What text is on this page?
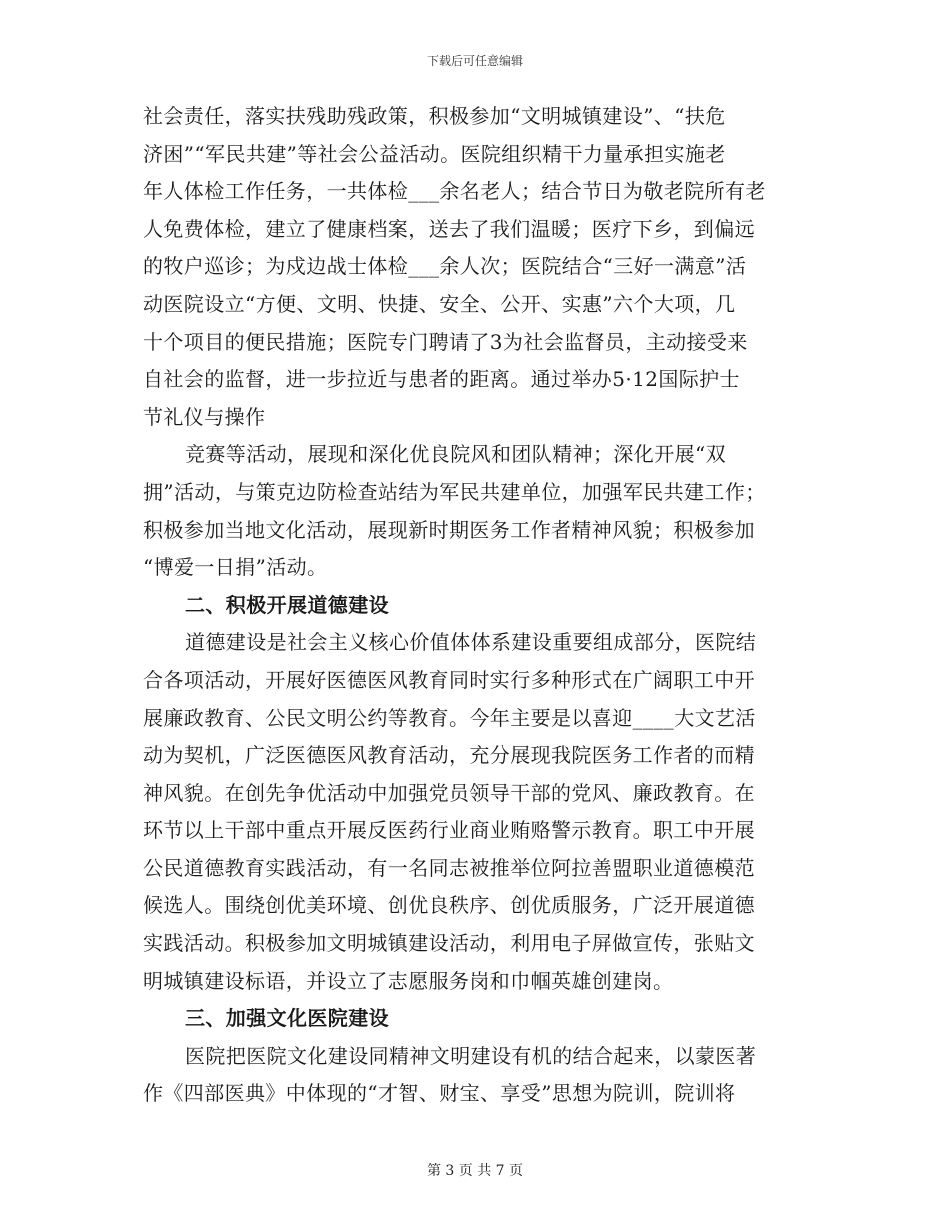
下载后可任意编辑
社会责任，落实扶残助残政策，积极参加“文明城镇建设”、“扶危
济困”“军民共建”等社会公益活动。医院组织精干力量承担实施老
年人体检工作任务，一共体检___余名老人；结合节日为敬老院所有老
人免费体检，建立了健康档案，送去了我们温暖；医疗下乡，到偏远
的牧户巡诊；为戍边战士体检___余人次；医院结合“三好一满意”活
动医院设立“方便、文明、快捷、安全、公开、实惠”六个大项，几
十个项目的便民措施；医院专门聘请了3为社会监督员，主动接受来
自社会的监督，进一步拉近与患者的距离。通过举办5·12国际护士
节礼仪与操作
竞赛等活动，展现和深化优良院风和团队精神；深化开展“双
拥”活动，与策克边防检查站结为军民共建单位，加强军民共建工作；
积极参加当地文化活动，展现新时期医务工作者精神风貌；积极参加
“博爱一日捐”活动。
二、积极开展道德建设
道德建设是社会主义核心价值体体系建设重要组成部分，医院结
合各项活动，开展好医德医风教育同时实行多种形式在广阔职工中开
展廉政教育、公民文明公约等教育。今年主要是以喜迎____大文艺活
动为契机，广泛医德医风教育活动，充分展现我院医务工作者的而精
神风貌。在创先争优活动中加强党员领导干部的党风、廉政教育。在
环节以上干部中重点开展反医药行业商业贿赂警示教育。职工中开展
公民道德教育实践活动，有一名同志被推举位阿拉善盟职业道德模范
候选人。围绕创优美环境、创优良秩序、创优质服务，广泛开展道德
实践活动。积极参加文明城镇建设活动，利用电子屏做宣传，张贴文
明城镇建设标语，并设立了志愿服务岗和巾帼英雄创建岗。
三、加强文化医院建设
医院把医院文化建设同精神文明建设有机的结合起来，以蒙医著
作《四部医典》中体现的“才智、财宝、享受”思想为院训，院训将
第 3 页 共 7 页
